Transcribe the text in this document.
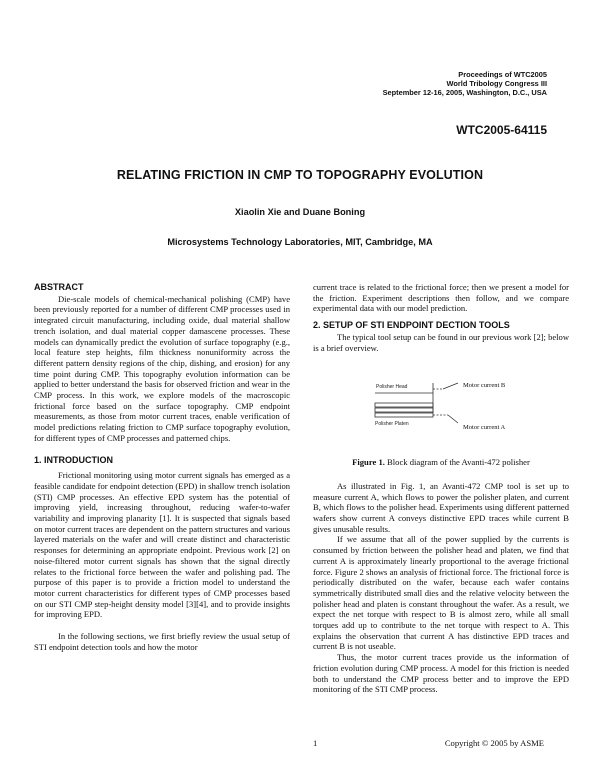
Proceedings of WTC2005
World Tribology Congress III
September 12-16, 2005, Washington, D.C., USA
WTC2005-64115
RELATING FRICTION IN CMP TO TOPOGRAPHY EVOLUTION
Xiaolin Xie and Duane Boning
Microsystems Technology Laboratories, MIT, Cambridge, MA
ABSTRACT

Die-scale models of chemical-mechanical polishing (CMP) have been previously reported for a number of different CMP processes used in integrated circuit manufacturing, including oxide, dual material shallow trench isolation, and dual material copper damascene processes. These models can dynamically predict the evolution of surface topography (e.g., local feature step heights, film thickness nonuniformity across the different pattern density regions of the chip, dishing, and erosion) for any time point during CMP. This topography evolution information can be applied to better understand the basis for observed friction and wear in the CMP process. In this work, we explore models of the macroscopic frictional force based on the surface topography. CMP endpoint measurements, as those from motor current traces, enable verification of model predictions relating friction to CMP surface topography evolution, for different types of CMP processes and patterned chips.

1. INTRODUCTION

Frictional monitoring using motor current signals has emerged as a feasible candidate for endpoint detection (EPD) in shallow trench isolation (STI) CMP processes. An effective EPD system has the potential of improving yield, increasing throughout, reducing wafer-to-wafer variability and improving planarity [1]. It is suspected that signals based on motor current traces are dependent on the pattern structures and various layered materials on the wafer and will create distinct and characteristic responses for determining an appropriate endpoint. Previous work [2] on noise-filtered motor current signals has shown that the signal directly relates to the frictional force between the wafer and polishing pad. The purpose of this paper is to provide a friction model to understand the motor current characteristics for different types of CMP processes based on our STI CMP step-height density model [3][4], and to provide insights for improving EPD.

In the following sections, we first briefly review the usual setup of STI endpoint detection tools and how the motor

current trace is related to the frictional force; then we present a model for the friction. Experiment descriptions then follow, and we compare experimental data with our model prediction.

2. SETUP OF STI ENDPOINT DECTION TOOLS

The typical tool setup can be found in our previous work [2]; below is a brief overview.

Polisher Head	Motor current B
Motor current A
Polisher Platen
Figure 1. Block diagram of the Avanti-472 polisher

As illustrated in Fig. 1, an Avanti-472 CMP tool is set up to measure current A, which flows to power the polisher platen, and current B, which flows to the polisher head. Experiments using different patterned wafers show current A conveys distinctive EPD traces while current B gives unusable results.

If we assume that all of the power supplied by the currents is consumed by friction between the polisher head and platen, we find that current A is approximately linearly proportional to the average frictional force. Figure 2 shows an analysis of frictional force. The frictional force is periodically distributed on the wafer, because each wafer contains symmetrically distributed small dies and the relative velocity between the polisher head and platen is constant throughout the wafer. As a result, we expect the net torque with respect to B is almost zero, while all small torques add up to contribute to the net torque with respect to A. This explains the observation that current A has distinctive EPD traces and current B is not useable.

Thus, the motor current traces provide us the information of friction evolution during CMP process. A model for this friction is needed both to understand the CMP process better and to improve the EPD monitoring of the STI CMP process.

1	Copyright © 2005 by ASME
